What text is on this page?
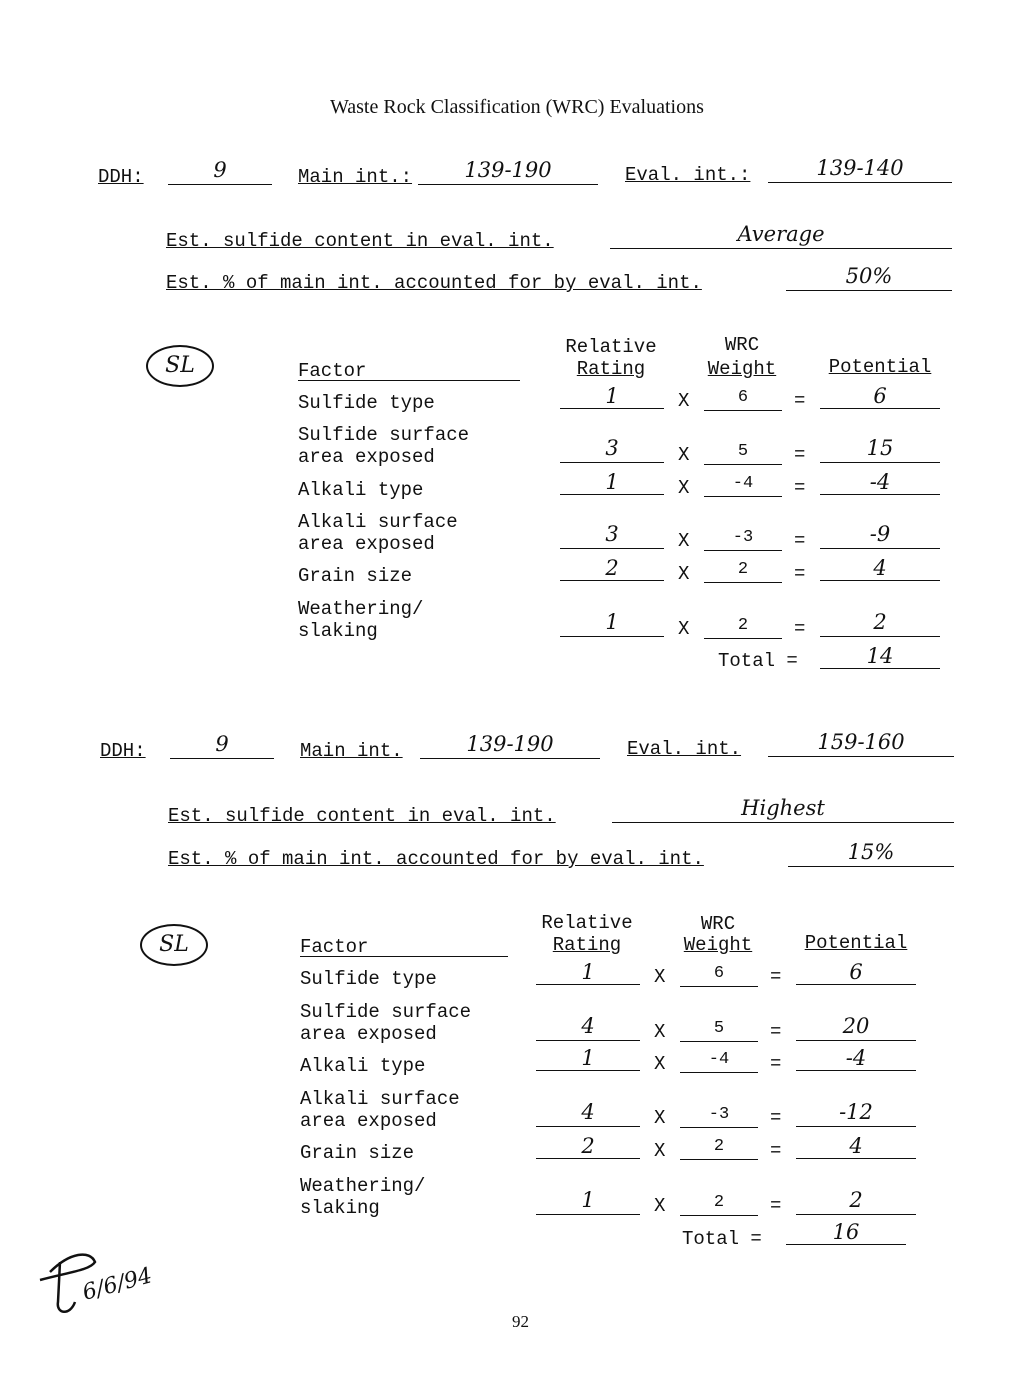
Waste Rock Classification (WRC) Evaluations
DDH:	9	Main int.:	139-190	Eval. int.:	139-140
Est. sulfide content in eval. int.	Average
Est. % of main int. accounted for by eval. int.	50%
SL	Factor
Relative
Rating
WRC
Weight	Potential
Sulfide type	1	X	6	=	6
Sulfide surface
area exposed	3	X	5	=	15
Alkali type	1	X	-4	=	-4
Alkali surface
area exposed	3	X	-3	=	-9
Grain size	2	X	2	=	4
Weathering/
slaking	1	X	2	=	2
Total =	14
DDH:	9	Main int.	139-190	Eval. int.	159-160
Est. sulfide content in eval. int.	Highest
Est. % of main int. accounted for by eval. int.	15%
SL	Factor
Relative
Rating
WRC
Weight	Potential
Sulfide type	1	X	6	=	6
Sulfide surface
area exposed	4	X	5	=	20
Alkali type	1	X	-4	=	-4
Alkali surface
area exposed	4	X	-3	=	-12
Grain size	2	X	2	=	4
Weathering/
slaking	1	X	2	=	2
Total =	16
6/6/94
92
